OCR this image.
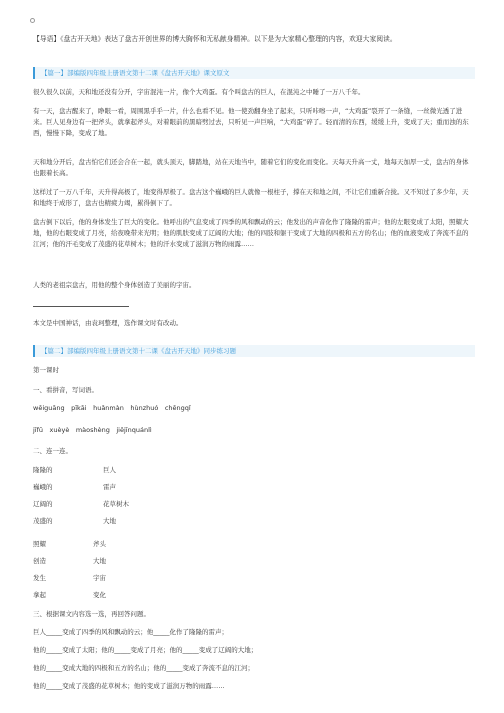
【导语】《盘古开天地》表达了盘古开创世界的博大胸怀和无私献身精神。以下是为大家精心整理的内容，欢迎大家阅读。

【篇一】部编版四年级上册语文第十二课《盘古开天地》课文原文

很久很久以前，天和地还没有分开，宇宙混沌一片，像个大鸡蛋。有个叫盘古的巨人，在混沌之中睡了一万八千年。

有一天，盘古醒来了，睁眼一看，周围黑乎乎一片，什么也看不见。他一使劲翻身坐了起来，只听咔嚓一声，“大鸡蛋”裂开了一条缝，一丝微光透了进来。巨人见身边有一把斧头，就拿起斧头，对着眼前的黑暗劈过去，只听见一声巨响，“大鸡蛋”碎了。轻而清的东西，缓缓上升，变成了天；重而浊的东西，慢慢下降，变成了地。

天和地分开后，盘古怕它们还会合在一起，就头顶天，脚踏地，站在天地当中，随着它们的变化而变化。天每天升高一丈，地每天加厚一丈，盘古的身体也跟着长高。

这样过了一万八千年，天升得高极了，地变得厚极了。盘古这个巍峨的巨人就像一根柱子，撑在天和地之间，不让它们重新合拢。又不知过了多少年，天和地终于成形了，盘古也精疲力竭，累得倒下了。

盘古倒下以后，他的身体发生了巨大的变化。他呼出的气息变成了四季的风和飘动的云；他发出的声音化作了隆隆的雷声；他的左眼变成了太阳，照耀大地，他的右眼变成了月亮，给夜晚带来光明；他的肌肤变成了辽阔的大地；他的四肢和躯干变成了大地的四极和五方的名山；他的血液变成了奔流不息的江河；他的汗毛变成了茂盛的花草树木；他的汗水变成了滋润万物的雨露……

人类的老祖宗盘古，用他的整个身体创造了美丽的宇宙。

本文是中国神话，由袁珂整理，选作课文时有改动。

【篇二】部编版四年级上册语文第十二课《盘古开天地》同步练习题

第一课时

一、看拼音，写词语。

wēiguāng　pīkāi　huǎnmàn　hùnzhuó　chēngqǐ

jīfū　xuèyè　màoshèng　jiějīnquánlì

二、连一连。

隆隆的	巨人
巍峨的	雷声
辽阔的	花草树木
茂盛的	大地
照耀	斧头
创造	大地
发生	宇宙
拿起	变化

三、根据课文内容选一选，再回答问题。

巨人_____变成了四季的风和飘动的云；他_____化作了隆隆的雷声；

他的_____变成了太阳；他的_____变成了月亮；他的_____变成了辽阔的大地；

他的_____变成大地的四极和五方的名山；他的_____变成了奔流不息的江河；

他的_____变成了茂盛的花草树木；他的变成了滋润万物的雨露……
